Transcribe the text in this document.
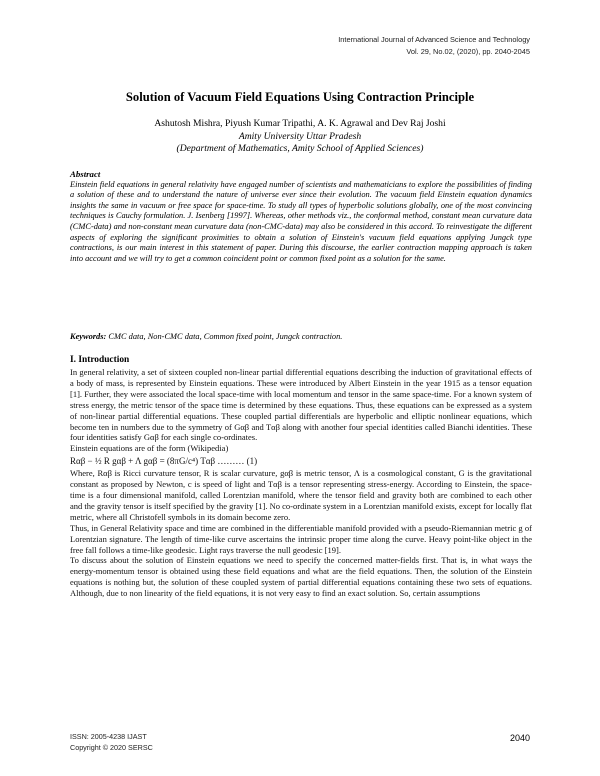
International Journal of Advanced Science and Technology
Vol. 29, No.02, (2020), pp. 2040-2045
Solution of Vacuum Field Equations Using Contraction Principle
Ashutosh Mishra, Piyush Kumar Tripathi, A. K. Agrawal and Dev Raj Joshi
Amity University Uttar Pradesh
(Department of Mathematics, Amity School of Applied Sciences)
Abstract
Einstein field equations in general relativity have engaged number of scientists and mathematicians to explore the possibilities of finding a solution of these and to understand the nature of universe ever since their evolution. The vacuum field Einstein equation dynamics insights the same in vacuum or free space for space-time. To study all types of hyperbolic solutions globally, one of the most convincing techniques is Cauchy formulation. J. Isenberg [1997]. Whereas, other methods viz., the conformal method, constant mean curvature data (CMC-data) and non-constant mean curvature data (non-CMC-data) may also be considered in this accord. To reinvestigate the different aspects of exploring the significant proximities to obtain a solution of Einstein's vacuum field equations applying Jungck type contractions, is our main interest in this statement of paper. During this discourse, the earlier contraction mapping approach is taken into account and we will try to get a common coincident point or common fixed point as a solution for the same.
Keywords: CMC data, Non-CMC data, Common fixed point, Jungck contraction.
I. Introduction

In general relativity, a set of sixteen coupled non-linear partial differential equations describing the induction of gravitational effects of a body of mass, is represented by Einstein equations. These were introduced by Albert Einstein in the year 1915 as a tensor equation [1]. Further, they were associated the local space-time with local momentum and tensor in the same space-time. For a known system of stress energy, the metric tensor of the space time is determined by these equations. Thus, these equations can be expressed as a system of non-linear partial differential equations. These coupled partial differentials are hyperbolic and elliptic nonlinear equations, which become ten in numbers due to the symmetry of Gαβ and Tαβ along with another four special identities called Bianchi identities. These four identities satisfy Gαβ for each single co-ordinates.

Einstein equations are of the form (Wikipedia)

Rαβ − ½ R gαβ + Λ gαβ = (8πG/c⁴) Tαβ ……… (1)

Where, Rαβ is Ricci curvature tensor, R is scalar curvature, gαβ is metric tensor, Λ is a cosmological constant, G is the gravitational constant as proposed by Newton, c is speed of light and Tαβ is a tensor representing stress-energy. According to Einstein, the space-time is a four dimensional manifold, called Lorentzian manifold, where the tensor field and gravity both are combined to each other and the gravity tensor is itself specified by the gravity [1]. No co-ordinate system in a Lorentzian manifold exists, except for locally flat metric, where all Christofell symbols in its domain become zero.

Thus, in General Relativity space and time are combined in the differentiable manifold provided with a pseudo-Riemannian metric g of Lorentzian signature. The length of time-like curve ascertains the intrinsic proper time along the curve. Heavy point-like object in the free fall follows a time-like geodesic. Light rays traverse the null geodesic [19].

To discuss about the solution of Einstein equations we need to specify the concerned matter-fields first. That is, in what ways the energy-momentum tensor is obtained using these field equations and what are the field equations. Then, the solution of the Einstein equations is nothing but, the solution of these coupled system of partial differential equations containing these two sets of equations. Although, due to non linearity of the field equations, it is not very easy to find an exact solution. So, certain assumptions

ISSN: 2005-4238 IJAST
Copyright © 2020 SERSC
2040
